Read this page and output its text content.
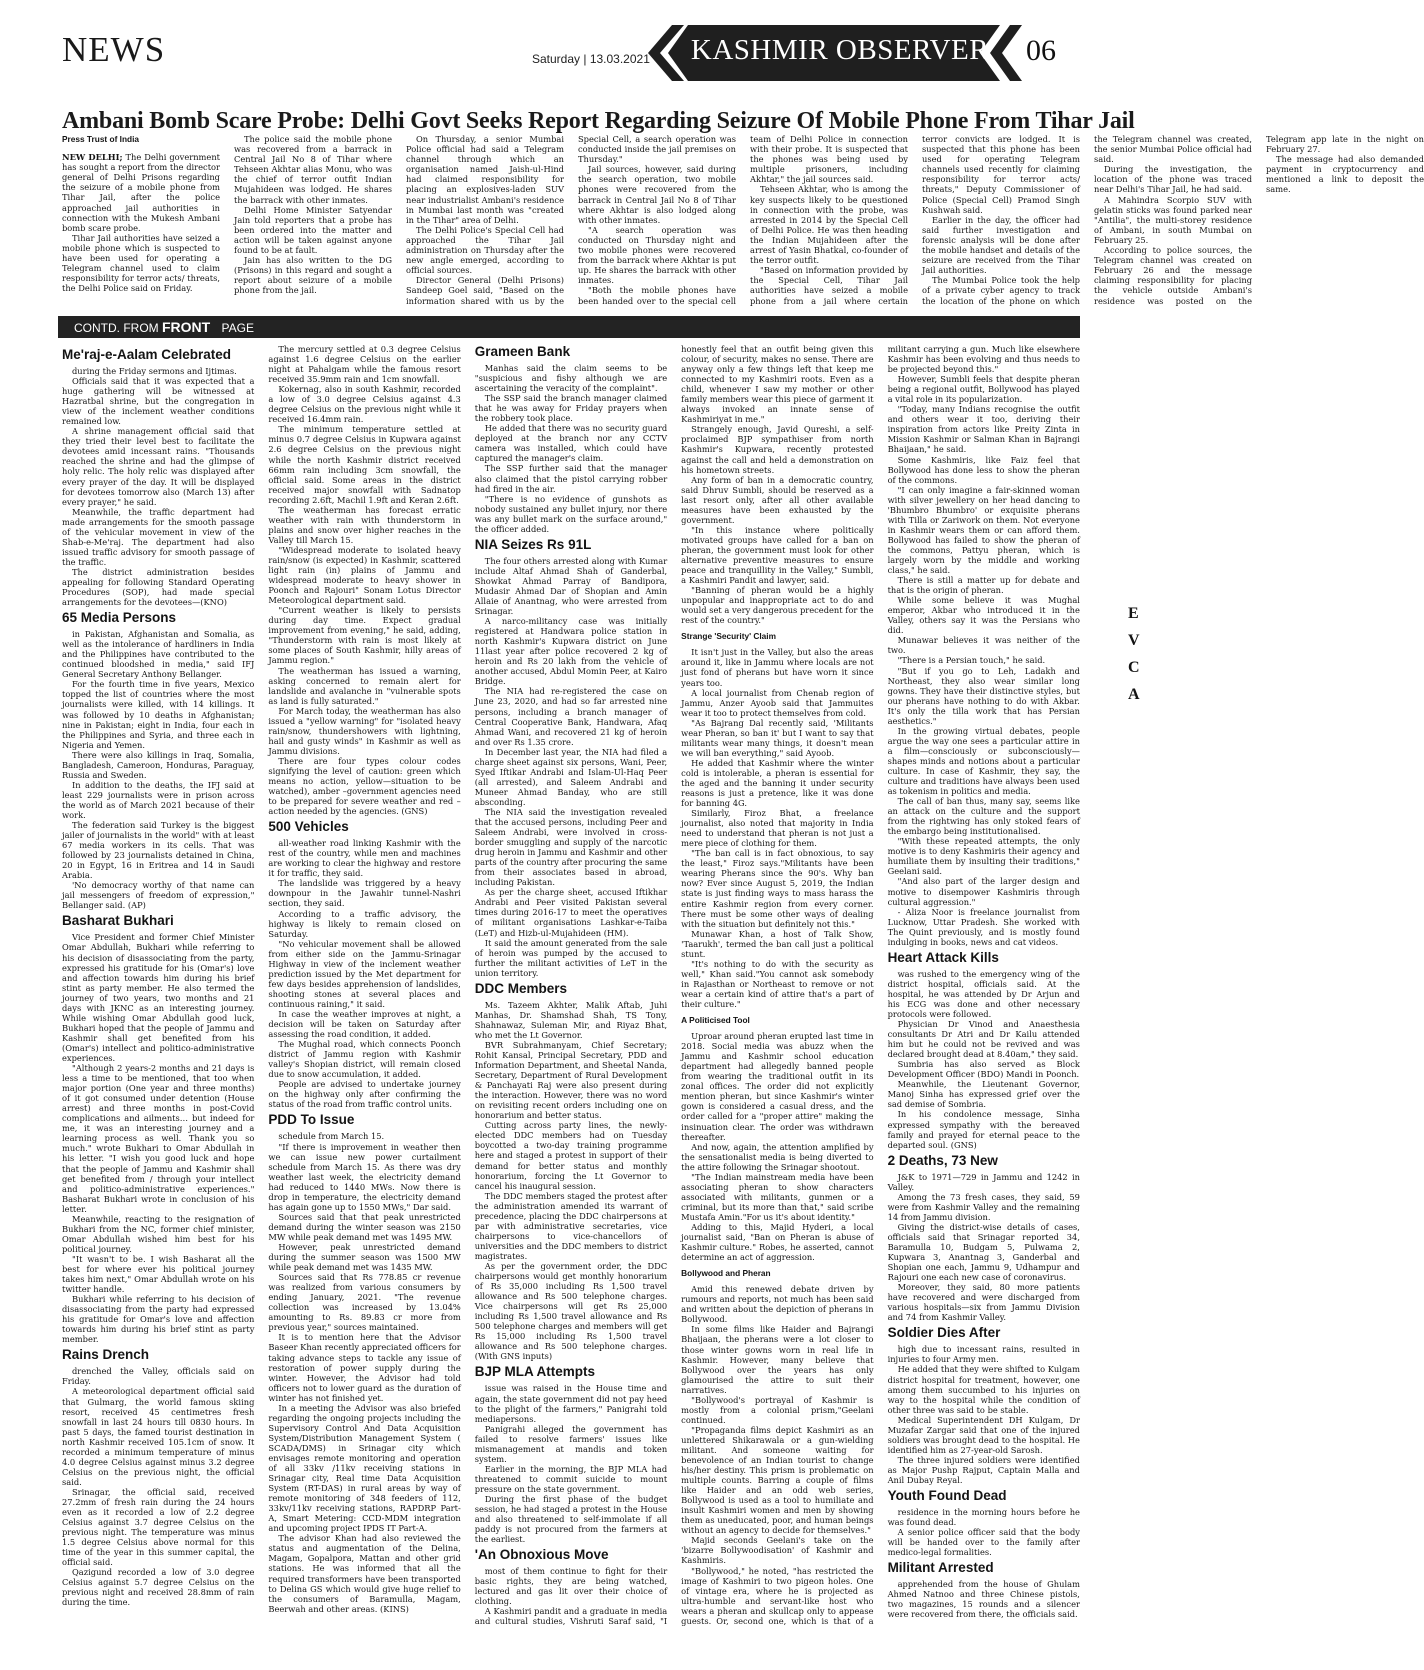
NEWS	Saturday | 13.03.2021 KASHMIR OBSERVER 06
Ambani Bomb Scare Probe: Delhi Govt Seeks Report Regarding Seizure Of Mobile Phone From Tihar Jail

Press Trust of India

NEW DELHI; The Delhi government has sought a report from the director general of Delhi Prisons regarding the seizure of a mobile phone from Tihar Jail, after the police approached jail authorities in connection with the Mukesh Ambani bomb scare probe.

Tihar Jail authorities have seized a mobile phone which is suspected to have been used for operating a Telegram channel used to claim responsibility for terror acts/ threats, the Delhi Police said on Friday.

The police said the mobile phone was recovered from a barrack in Central Jail No 8 of Tihar where Tehseen Akhtar alias Monu, who was the chief of terror outfit Indian Mujahideen was lodged. He shares the barrack with other inmates.

Delhi Home Minister Satyendar Jain told reporters that a probe has been ordered into the matter and action will be taken against anyone found to be at fault.

Jain has also written to the DG (Prisons) in this regard and sought a report about seizure of a mobile phone from the jail.

On Thursday, a senior Mumbai Police official had said a Telegram channel through which an organisation named Jaish-ul-Hind had claimed responsibility for placing an explosives-laden SUV near industrialist Ambani's residence in Mumbai last month was "created in the Tihar" area of Delhi.

The Delhi Police's Special Cell had approached the Tihar Jail administration on Thursday after the new angle emerged, according to official sources.

Director General (Delhi Prisons) Sandeep Goel said, "Based on the information shared with us by the Special Cell, a search operation was conducted inside the jail premises on Thursday."

Jail sources, however, said during the search operation, two mobile phones were recovered from the barrack in Central Jail No 8 of Tihar where Akhtar is also lodged along with other inmates.

"A search operation was conducted on Thursday night and two mobile phones were recovered from the barrack where Akhtar is put up. He shares the barrack with other inmates.

"Both the mobile phones have been handed over to the special cell team of Delhi Police in connection with their probe. It is suspected that the phones was being used by multiple prisoners, including Akhtar," the jail sources said.

Tehseen Akhtar, who is among the key suspects likely to be questioned in connection with the probe, was arrested in 2014 by the Special Cell of Delhi Police. He was then heading the Indian Mujahideen after the arrest of Yasin Bhatkal, co-founder of the terror outfit.

"Based on information provided by the Special Cell, Tihar Jail authorities have seized a mobile phone from a jail where certain terror convicts are lodged. It is suspected that this phone has been used for operating Telegram channels used recently for claiming responsibility for terror acts/ threats," Deputy Commissioner of Police (Special Cell) Pramod Singh Kushwah said.

Earlier in the day, the officer had said further investigation and forensic analysis will be done after the mobile handset and details of the seizure are received from the Tihar Jail authorities.

The Mumbai Police took the help of a private cyber agency to track the location of the phone on which the Telegram channel was created, the senior Mumbai Police official had said.

During the investigation, the location of the phone was traced near Delhi's Tihar Jail, he had said.

A Mahindra Scorpio SUV with gelatin sticks was found parked near "Antilia", the multi-storey residence of Ambani, in south Mumbai on February 25.

According to police sources, the Telegram channel was created on February 26 and the message claiming responsibility for placing the vehicle outside Ambani's residence was posted on the Telegram app late in the night on February 27.

The message had also demanded payment in cryptocurrency and mentioned a link to deposit the same.

CONTD. FROM FRONT PAGE
Me'raj-e-Aalam Celebrated

during the Friday sermons and Ijtimas.

Officials said that it was expected that a huge gathering will be witnessed at Hazratbal shrine, but the congregation in view of the inclement weather conditions remained low.

A shrine management official said that they tried their level best to facilitate the devotees amid incessant rains. "Thousands reached the shrine and had the glimpse of holy relic. The holy relic was displayed after every prayer of the day. It will be displayed for devotees tomorrow also (March 13) after every prayer," he said.

Meanwhile, the traffic department had made arrangements for the smooth passage of the vehicular movement in view of the Shab-e-Me'raj. The department had also issued traffic advisory for smooth passage of the traffic.

The district administration besides appealing for following Standard Operating Procedures (SOP), had made special arrangements for the devotees—(KNO)

65 Media Persons

in Pakistan, Afghanistan and Somalia, as well as the intolerance of hardliners in India and the Philippines have contributed to the continued bloodshed in media," said IFJ General Secretary Anthony Bellanger.

For the fourth time in five years, Mexico topped the list of countries where the most journalists were killed, with 14 killings. It was followed by 10 deaths in Afghanistan; nine in Pakistan; eight in India, four each in the Philippines and Syria, and three each in Nigeria and Yemen.

There were also killings in Iraq, Somalia, Bangladesh, Cameroon, Honduras, Paraguay, Russia and Sweden.

In addition to the deaths, the IFJ said at least 229 journalists were in prison across the world as of March 2021 because of their work.

The federation said Turkey is the biggest jailer of journalists in the world" with at least 67 media workers in its cells. That was followed by 23 journalists detained in China, 20 in Egypt, 16 in Eritrea and 14 in Saudi Arabia.

'No democracy worthy of that name can jail messengers of freedom of expression," Bellanger said. (AP)

Basharat Bukhari

Vice President and former Chief Minister Omar Abdullah, Bukhari while referring to his decision of disassociating from the party, expressed his gratitude for his (Omar's) love and affection towards him during his brief stint as party member. He also termed the journey of two years, two months and 21 days with JKNC as an interesting journey. While wishing Omar Abdullah good luck, Bukhari hoped that the people of Jammu and Kashmir shall get benefited from his (Omar's) intellect and politico-administrative experiences.

"Although 2 years-2 months and 21 days is less a time to be mentioned, that too when major portion (One year and three months) of it got consumed under detention (House arrest) and three months in post-Covid complications and ailments… but indeed for me, it was an interesting journey and a learning process as well. Thank you so much." wrote Bukhari to Omar Abdullah in his letter. "I wish you good luck and hope that the people of Jammu and Kashmir shall get benefited from / through your intellect and politico-administrative experiences." Basharat Bukhari wrote in conclusion of his letter.

Meanwhile, reacting to the resignation of Bukhari from the NC, former chief minister, Omar Abdullah wished him best for his political journey.

"It wasn't to be. I wish Basharat all the best for where ever his political journey takes him next," Omar Abdullah wrote on his twitter handle.

Bukhari while referring to his decision of disassociating from the party had expressed his gratitude for Omar's love and affection towards him during his brief stint as party member.

Rains Drench

drenched the Valley, officials said on Friday.

A meteorological department official said that Gulmarg, the world famous skiing resort, received 45 centimetres fresh snowfall in last 24 hours till 0830 hours. In past 5 days, the famed tourist destination in north Kashmir received 105.1cm of snow. It recorded a minimum temperature of minus 4.0 degree Celsius against minus 3.2 degree Celsius on the previous night, the official said.

Srinagar, the official said, received 27.2mm of fresh rain during the 24 hours even as it recorded a low of 2.2 degree Celsius against 3.7 degree Celsius on the previous night. The temperature was minus 1.5 degree Celsius above normal for this time of the year in this summer capital, the official said.

Qazigund recorded a low of 3.0 degree Celsius against 5.7 degree Celsius on the previous night and received 28.8mm of rain during the time.

The mercury settled at 0.3 degree Celsius against 1.6 degree Celsius on the earlier night at Pahalgam while the famous resort received 35.9mm rain and 1cm snowfall.

Kokernag, also in south Kashmir, recorded a low of 3.0 degree Celsius against 4.3 degree Celsius on the previous night while it received 16.4mm rain.

The minimum temperature settled at minus 0.7 degree Celsius in Kupwara against 2.6 degree Celsius on the previous night while the north Kashmir district received 66mm rain including 3cm snowfall, the official said. Some areas in the district received major snowfall with Sadnatop recording 2.6ft, Machil 1.9ft and Keran 2.6ft.

The weatherman has forecast erratic weather with rain with thunderstorm in plains and snow over higher reaches in the Valley till March 15.

"Widespread moderate to isolated heavy rain/snow (is expected) in Kashmir, scattered light rain (in) plains of Jammu and widespread moderate to heavy shower in Poonch and Rajouri" Sonam Lotus Director Meteorological department said.

"Current weather is likely to persists during day time. Expect gradual improvement from evening," he said, adding, "Thunderstorm with rain is most likely at some places of South Kashmir, hilly areas of Jammu region."

The weatherman has issued a warning, asking concerned to remain alert for landslide and avalanche in "vulnerable spots as land is fully saturated."

For March today, the weatherman has also issued a "yellow warning" for "isolated heavy rain/snow, thundershowers with lightning, hail and gusty winds" in Kashmir as well as Jammu divisions.

There are four types colour codes signifying the level of caution: green which means no action, yellow—situation to be watched), amber –government agencies need to be prepared for severe weather and red –action needed by the agencies. (GNS)

500 Vehicles

all-weather road linking Kashmir with the rest of the country, while men and machines are working to clear the highway and restore it for traffic, they said.

The landslide was triggered by a heavy downpour in the Jawahir tunnel-Nashri section, they said.

According to a traffic advisory, the highway is likely to remain closed on Saturday.

"No vehicular movement shall be allowed from either side on the Jammu-Srinagar Highway in view of the inclement weather prediction issued by the Met department for few days besides apprehension of landslides, shooting stones at several places and continuous raining," it said.

In case the weather improves at night, a decision will be taken on Saturday after assessing the road condition, it added.

The Mughal road, which connects Poonch district of Jammu region with Kashmir valley's Shopian district, will remain closed due to snow accumulation, it added.

People are advised to undertake journey on the highway only after confirming the status of the road from traffic control units.

PDD To Issue

schedule from March 15.

"If there is improvement in weather then we can issue new power curtailment schedule from March 15. As there was dry weather last week, the electricity demand had reduced to 1440 MWs. Now there is drop in temperature, the electricity demand has again gone up to 1550 MWs," Dar said.

Sources said that that peak unrestricted demand during the winter season was 2150 MW while peak demand met was 1495 MW.

However, peak unrestricted demand during the summer season was 1500 MW while peak demand met was 1435 MW.

Sources said that Rs 778.85 cr revenue was realized from various consumers by ending January, 2021. "The revenue collection was increased by 13.04% amounting to Rs. 89.83 cr more from previous year," sources maintained.

It is to mention here that the Advisor Baseer Khan recently appreciated officers for taking advance steps to tackle any issue of restoration of power supply during the winter. However, the Advisor had told officers not to lower guard as the duration of winter has not finished yet.

In a meeting the Advisor was also briefed regarding the ongoing projects including the Supervisory Control And Data Acquisition System/Distribution Management System ( SCADA/DMS) in Srinagar city which envisages remote monitoring and operation of all 33kv /11kv receiving stations in Srinagar city, Real time Data Acquisition System (RT-DAS) in rural areas by way of remote monitoring of 348 feeders of 112, 33kv/11kv receiving stations, RAPDRP Part-A, Smart Metering: CCD-MDM integration and upcoming project IPDS IT Part-A.

The advisor Khan had also reviewed the status and augmentation of the Delina, Magam, Gopalpora, Mattan and other grid stations. He was informed that all the required transformers have been transported to Delina GS which would give huge relief to the consumers of Baramulla, Magam, Beerwah and other areas. (KINS)

Grameen Bank

Manhas said the claim seems to be "suspicious and fishy although we are ascertaining the veracity of the complaint".

The SSP said the branch manager claimed that he was away for Friday prayers when the robbery took place.

He added that there was no security guard deployed at the branch nor any CCTV camera was installed, which could have captured the manager's claim.

The SSP further said that the manager also claimed that the pistol carrying robber had fired in the air.

"There is no evidence of gunshots as nobody sustained any bullet injury, nor there was any bullet mark on the surface around," the officer added.

NIA Seizes Rs 91L

The four others arrested along with Kumar include Altaf Ahmad Shah of Ganderbal, Showkat Ahmad Parray of Bandipora, Mudasir Ahmad Dar of Shopian and Amin Allaie of Anantnag, who were arrested from Srinagar.

A narco-militancy case was initially registered at Handwara police station in north Kashmir's Kupwara district on June 11last year after police recovered 2 kg of heroin and Rs 20 lakh from the vehicle of another accused, Abdul Momin Peer, at Kairo Bridge.

The NIA had re-registered the case on June 23, 2020, and had so far arrested nine persons, including a branch manager of Central Cooperative Bank, Handwara, Afaq Ahmad Wani, and recovered 21 kg of heroin and over Rs 1.35 crore.

In December last year, the NIA had filed a charge sheet against six persons, Wani, Peer, Syed Iftikar Andrabi and Islam-Ul-Haq Peer (all arrested), and Saleem Andrabi and Muneer Ahmad Banday, who are still absconding.

The NIA said the investigation revealed that the accused persons, including Peer and Saleem Andrabi, were involved in cross-border smuggling and supply of the narcotic drug heroin in Jammu and Kashmir and other parts of the country after procuring the same from their associates based in abroad, including Pakistan.

As per the charge sheet, accused Iftikhar Andrabi and Peer visited Pakistan several times during 2016-17 to meet the operatives of militant organisations Lashkar-e-Taiba (LeT) and Hizb-ul-Mujahideen (HM).

It said the amount generated from the sale of heroin was pumped by the accused to further the militant activities of LeT in the union territory.

DDC Members

Ms. Tazeem Akhter, Malik Aftab, Juhi Manhas, Dr. Shamshad Shah, TS Tony, Shahnawaz, Suleman Mir, and Riyaz Bhat, who met the Lt Governor.

BVR Subrahmanyam, Chief Secretary; Rohit Kansal, Principal Secretary, PDD and Information Department, and Sheetal Nanda, Secretary, Department of Rural Development & Panchayati Raj were also present during the interaction. However, there was no word on revisiting recent orders including one on honorarium and better status.

Cutting across party lines, the newly-elected DDC members had on Tuesday boycotted a two-day training programme here and staged a protest in support of their demand for better status and monthly honorarium, forcing the Lt Governor to cancel his inaugural session.

The DDC members staged the protest after the administration amended its warrant of precedence, placing the DDC chairpersons at par with administrative secretaries, vice chairpersons to vice-chancellors of universities and the DDC members to district magistrates.

As per the government order, the DDC chairpersons would get monthly honorarium of Rs 35,000 including Rs 1,500 travel allowance and Rs 500 telephone charges. Vice chairpersons will get Rs 25,000 including Rs 1,500 travel allowance and Rs 500 telephone charges and members will get Rs 15,000 including Rs 1,500 travel allowance and Rs 500 telephone charges. (With GNS inputs)

BJP MLA Attempts

issue was raised in the House time and again, the state government did not pay heed to the plight of the farmers," Panigrahi told mediapersons.

Panigrahi alleged the government has failed to resolve farmers' issues like mismanagement at mandis and token system.

Earlier in the morning, the BJP MLA had threatened to commit suicide to mount pressure on the state government.

During the first phase of the budget session, he had staged a protest in the House and also threatened to self-immolate if all paddy is not procured from the farmers at the earliest.

'An Obnoxious Move

most of them continue to fight for their basic rights, they are being watched, lectured and gas lit over their choice of clothing.

A Kashmiri pandit and a graduate in media and cultural studies, Vishruti Saraf said, "I honestly feel that an outfit being given this colour, of security, makes no sense. There are anyway only a few things left that keep me connected to my Kashmiri roots. Even as a child, whenever I saw my mother or other family members wear this piece of garment it always invoked an innate sense of Kashmiriyat in me."

Strangely enough, Javid Qureshi, a self-proclaimed BJP sympathiser from north Kashmir's Kupwara, recently protested against the call and held a demonstration on his hometown streets.

Any form of ban in a democratic country, said Dhruv Sumbli, should be reserved as a last resort only, after all other available measures have been exhausted by the government.

"In this instance where politically motivated groups have called for a ban on pheran, the government must look for other alternative preventive measures to ensure peace and tranquillity in the Valley," Sumbli, a Kashmiri Pandit and lawyer, said.

"Banning of pheran would be a highly unpopular and inappropriate act to do and would set a very dangerous precedent for the rest of the country."

Strange 'Security' Claim

It isn't just in the Valley, but also the areas around it, like in Jammu where locals are not just fond of pherans but have worn it since years too.

A local journalist from Chenab region of Jammu, Anzer Ayoob said that Jammuites wear it too to protect themselves from cold.

"As Bajrang Dal recently said, 'Militants wear Pheran, so ban it' but I want to say that militants wear many things, it doesn't mean we will ban everything," said Ayoob.

He added that Kashmir where the winter cold is intolerable, a pheran is essential for the aged and the banning it under security reasons is just a pretence, like it was done for banning 4G.

Similarly, Firoz Bhat, a freelance journalist, also noted that majority in India need to understand that pheran is not just a mere piece of clothing for them.

"The ban call is in fact obnoxious, to say the least," Firoz says."Militants have been wearing Pherans since the 90's. Why ban now? Ever since August 5, 2019, the Indian state is just finding ways to mass harass the entire Kashmir region from every corner. There must be some other ways of dealing with the situation but definitely not this."

Munawar Khan, a host of Talk Show, 'Taarukh', termed the ban call just a political stunt.

"It's nothing to do with the security as well," Khan said."You cannot ask somebody in Rajasthan or Northeast to remove or not wear a certain kind of attire that's a part of their culture."

A Politicised Tool

Uproar around pheran erupted last time in 2018. Social media was abuzz when the Jammu and Kashmir school education department had allegedly banned people from wearing the traditional outfit in its zonal offices. The order did not explicitly mention pheran, but since Kashmir's winter gown is considered a casual dress, and the order called for a "proper attire" making the insinuation clear. The order was withdrawn thereafter.

And now, again, the attention amplified by the sensationalist media is being diverted to the attire following the Srinagar shootout.

"The Indian mainstream media have been associating pheran to show characters associated with militants, gunmen or a criminal, but its more than that," said scribe Mustafa Amin."For us it's about identity."

Adding to this, Majid Hyderi, a local journalist said, "Ban on Pheran is abuse of Kashmir culture." Robes, he asserted, cannot determine an act of aggression.

Bollywood and Pheran

Amid this renewed debate driven by rumours and reports, not much has been said and written about the depiction of pherans in Bollywood.

In some films like Haider and Bajrangi Bhaijaan, the pherans were a lot closer to those winter gowns worn in real life in Kashmir. However, many believe that Bollywood over the years has only glamourised the attire to suit their narratives.

"Bollywood's portrayal of Kashmir is mostly from a colonial prism,"Geelani continued.

"Propaganda films depict Kashmiri as an unlettered Shikarawala or a gun-wielding militant. And someone waiting for benevolence of an Indian tourist to change his/her destiny. This prism is problematic on multiple counts. Barring a couple of films like Haider and an odd web series, Bollywood is used as a tool to humiliate and insult Kashmiri women and men by showing them as uneducated, poor, and human beings without an agency to decide for themselves."

Majid seconds Geelani's take on the 'bizarre Bollywoodisation' of Kashmir and Kashmiris.

"Bollywood," he noted, "has restricted the image of Kashmiri to two pigeon holes. One of vintage era, where he is projected as ultra-humble and servant-like host who wears a pheran and skullcap only to appease guests. Or, second one, which is that of a militant carrying a gun. Much like elsewhere Kashmir has been evolving and thus needs to be projected beyond this."

However, Sumbli feels that despite pheran being a regional outfit, Bollywood has played a vital role in its popularization.

"Today, many Indians recognise the outfit and others wear it too, deriving their inspiration from actors like Preity Zinta in Mission Kashmir or Salman Khan in Bajrangi Bhaijaan," he said.

Some Kashmiris, like Faiz feel that Bollywood has done less to show the pheran of the commons.

"I can only imagine a fair-skinned woman with silver jewellery on her head dancing to 'Bhumbro Bhumbro' or exquisite pherans with Tilla or Zariwork on them. Not everyone in Kashmir wears them or can afford them. Bollywood has failed to show the pheran of the commons, Pattyu pheran, which is largely worn by the middle and working class," he said.

There is still a matter up for debate and that is the origin of pheran.

While some believe it was Mughal emperor, Akbar who introduced it in the Valley, others say it was the Persians who did.

Munawar believes it was neither of the two.

"There is a Persian touch," he said.

"But if you go to Leh, Ladakh and Northeast, they also wear similar long gowns. They have their distinctive styles, but our pherans have nothing to do with Akbar. It's only the tilla work that has Persian aesthetics."

In the growing virtual debates, people argue the way one sees a particular attire in a film—consciously or subconsciously—shapes minds and notions about a particular culture. In case of Kashmir, they say, the culture and traditions have always been used as tokenism in politics and media.

The call of ban thus, many say, seems like an attack on the culture and the support from the rightwing has only stoked fears of the embargo being institutionalised.

"With these repeated attempts, the only motive is to deny Kashmiris their agency and humiliate them by insulting their traditions," Geelani said.

"And also part of the larger design and motive to disempower Kashmiris through cultural aggression."

- Aliza Noor is freelance journalist from Lucknow, Uttar Pradesh. She worked with The Quint previously, and is mostly found indulging in books, news and cat videos.

Heart Attack Kills

was rushed to the emergency wing of the district hospital, officials said. At the hospital, he was attended by Dr Arjun and his ECG was done and other necessary protocols were followed.

Physician Dr Vinod and Anaesthesia consultants Dr Atri and Dr Kailu attended him but he could not be revived and was declared brought dead at 8.40am," they said.

Sumbria has also served as Block Development Officer (BDO) Mandi in Poonch.

Meanwhile, the Lieutenant Governor, Manoj Sinha has expressed grief over the sad demise of Sombria.

In his condolence message, Sinha expressed sympathy with the bereaved family and prayed for eternal peace to the departed soul. (GNS)

2 Deaths, 73 New

J&K to 1971—729 in Jammu and 1242 in Valley.

Among the 73 fresh cases, they said, 59 were from Kashmir Valley and the remaining 14 from Jammu division.

Giving the district-wise details of cases, officials said that Srinagar reported 34, Baramulla 10, Budgam 5, Pulwama 2, Kupwara 3, Anantnag 3, Ganderbal and Shopian one each, Jammu 9, Udhampur and Rajouri one each new case of coronavirus.

Moreover, they said, 80 more patients have recovered and were discharged from various hospitals—six from Jammu Division and 74 from Kashmir Valley.

Soldier Dies After

high due to incessant rains, resulted in injuries to four Army men.

He added that they were shifted to Kulgam district hospital for treatment, however, one among them succumbed to his injuries on way to the hospital while the condition of other three was said to be stable.

Medical Superintendent DH Kulgam, Dr Muzafar Zargar said that one of the injured soldiers was brought dead to the hospital. He identified him as 27-year-old Sarosh.

The three injured soldiers were identified as Major Pushp Rajput, Captain Malla and Anil Dubay Reyal.

Youth Found Dead

residence in the morning hours before he was found dead.

A senior police officer said that the body will be handed over to the family after medico-legal formalities.

Militant Arrested

apprehended from the house of Ghulam Ahmed Natnoo and three Chinese pistols, two magazines, 15 rounds and a silencer were recovered from there, the officials said.

E
V
C
A
